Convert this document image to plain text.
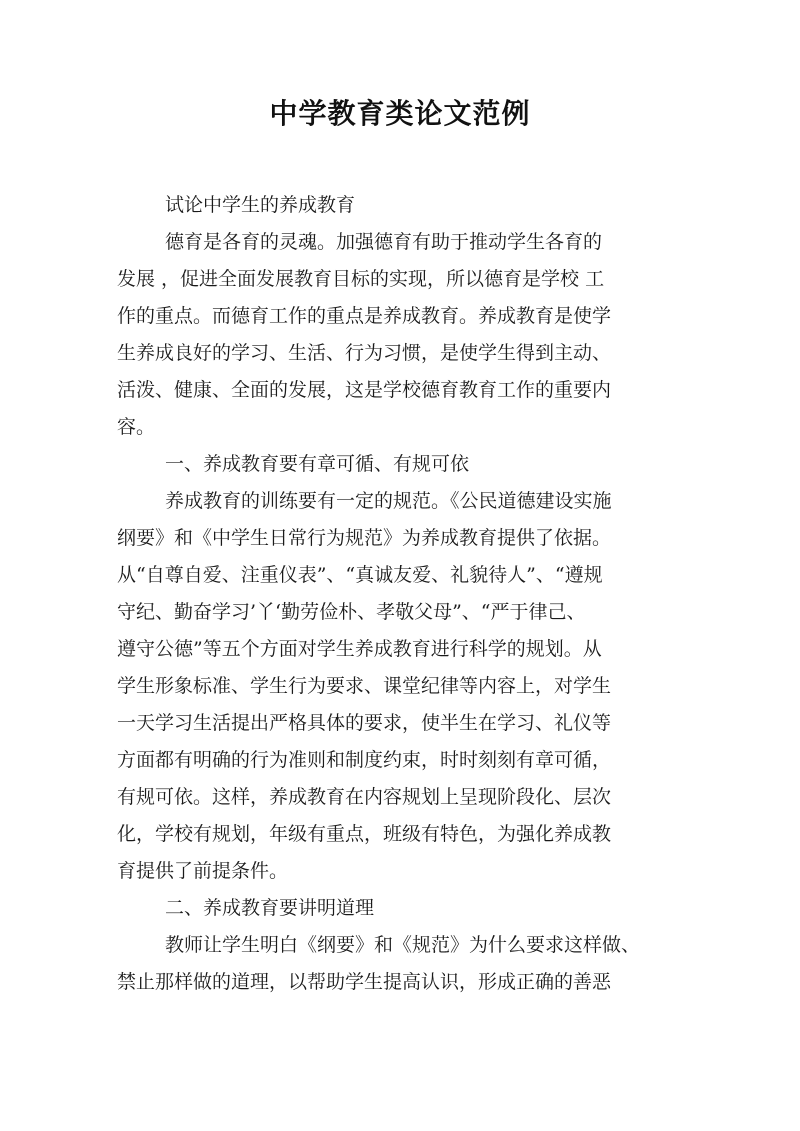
中学教育类论文范例
试论中学生的养成教育
德育是各育的灵魂。加强德育有助于推动学生各育的
发展 ，促进全面发展教育目标的实现，所以德育是学校 工
作的重点。而德育工作的重点是养成教育。养成教育是使学
生养成良好的学习、生活、行为习惯，是使学生得到主动、
活泼、健康、全面的发展，这是学校德育教育工作的重要内
容。
一、养成教育要有章可循、有规可依
养成教育的训练要有一定的规范。《公民道德建设实施
纲要》和《中学生日常行为规范》为养成教育提供了依据。
从“自尊自爱、注重仪表”、“真诚友爱、礼貌待人”、“遵规
守纪、勤奋学习’丫‘勤劳俭朴、孝敬父母”、“严于律己、
遵守公德”等五个方面对学生养成教育进行科学的规划。从
学生形象标准、学生行为要求、课堂纪律等内容上，对学生
一天学习生活提出严格具体的要求，使半生在学习、礼仪等
方面都有明确的行为准则和制度约束，时时刻刻有章可循，
有规可依。这样，养成教育在内容规划上呈现阶段化、层次
化，学校有规划，年级有重点，班级有特色，为强化养成教
育提供了前提条件。
二、养成教育要讲明道理
教师让学生明白《纲要》和《规范》为什么要求这样做、
禁止那样做的道理，以帮助学生提高认识，形成正确的善恶
